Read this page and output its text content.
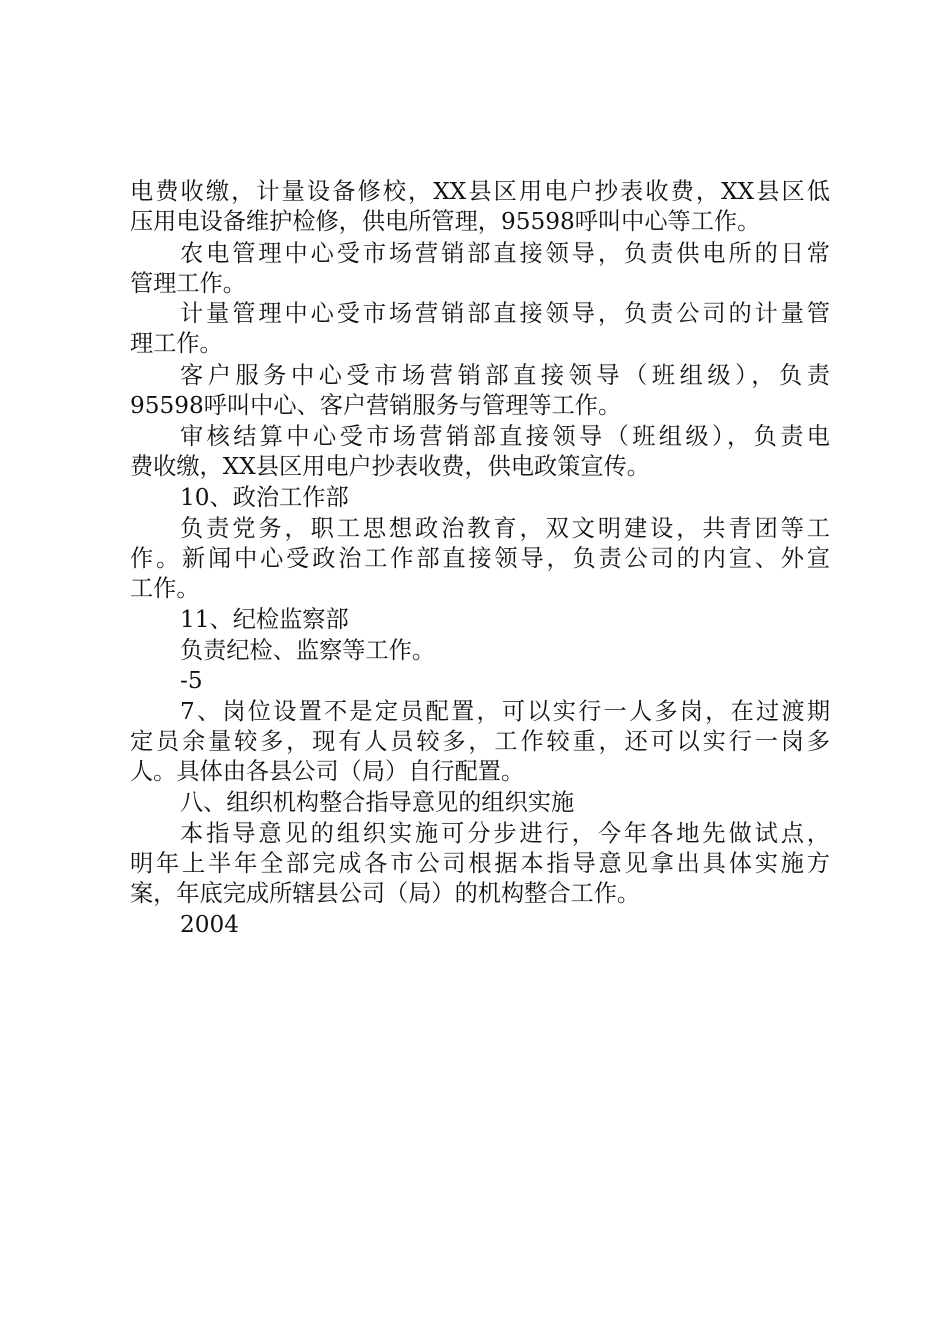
电费收缴，计量设备修校，XX县区用电户抄表收费，XX县区低
压用电设备维护检修，供电所管理，95598呼叫中心等工作。
农电管理中心受市场营销部直接领导，负责供电所的日常
管理工作。
计量管理中心受市场营销部直接领导，负责公司的计量管
理工作。
客户服务中心受市场营销部直接领导（班组级），负责
95598呼叫中心、客户营销服务与管理等工作。
审核结算中心受市场营销部直接领导（班组级），负责电
费收缴，XX县区用电户抄表收费，供电政策宣传。
10、政治工作部
负责党务，职工思想政治教育，双文明建设，共青团等工
作。新闻中心受政治工作部直接领导，负责公司的内宣、外宣
工作。
11、纪检监察部
负责纪检、监察等工作。
-5
7、岗位设置不是定员配置，可以实行一人多岗，在过渡期
定员余量较多，现有人员较多，工作较重，还可以实行一岗多
人。具体由各县公司（局）自行配置。
八、组织机构整合指导意见的组织实施
本指导意见的组织实施可分步进行，今年各地先做试点，
明年上半年全部完成各市公司根据本指导意见拿出具体实施方
案，年底完成所辖县公司（局）的机构整合工作。
2004
